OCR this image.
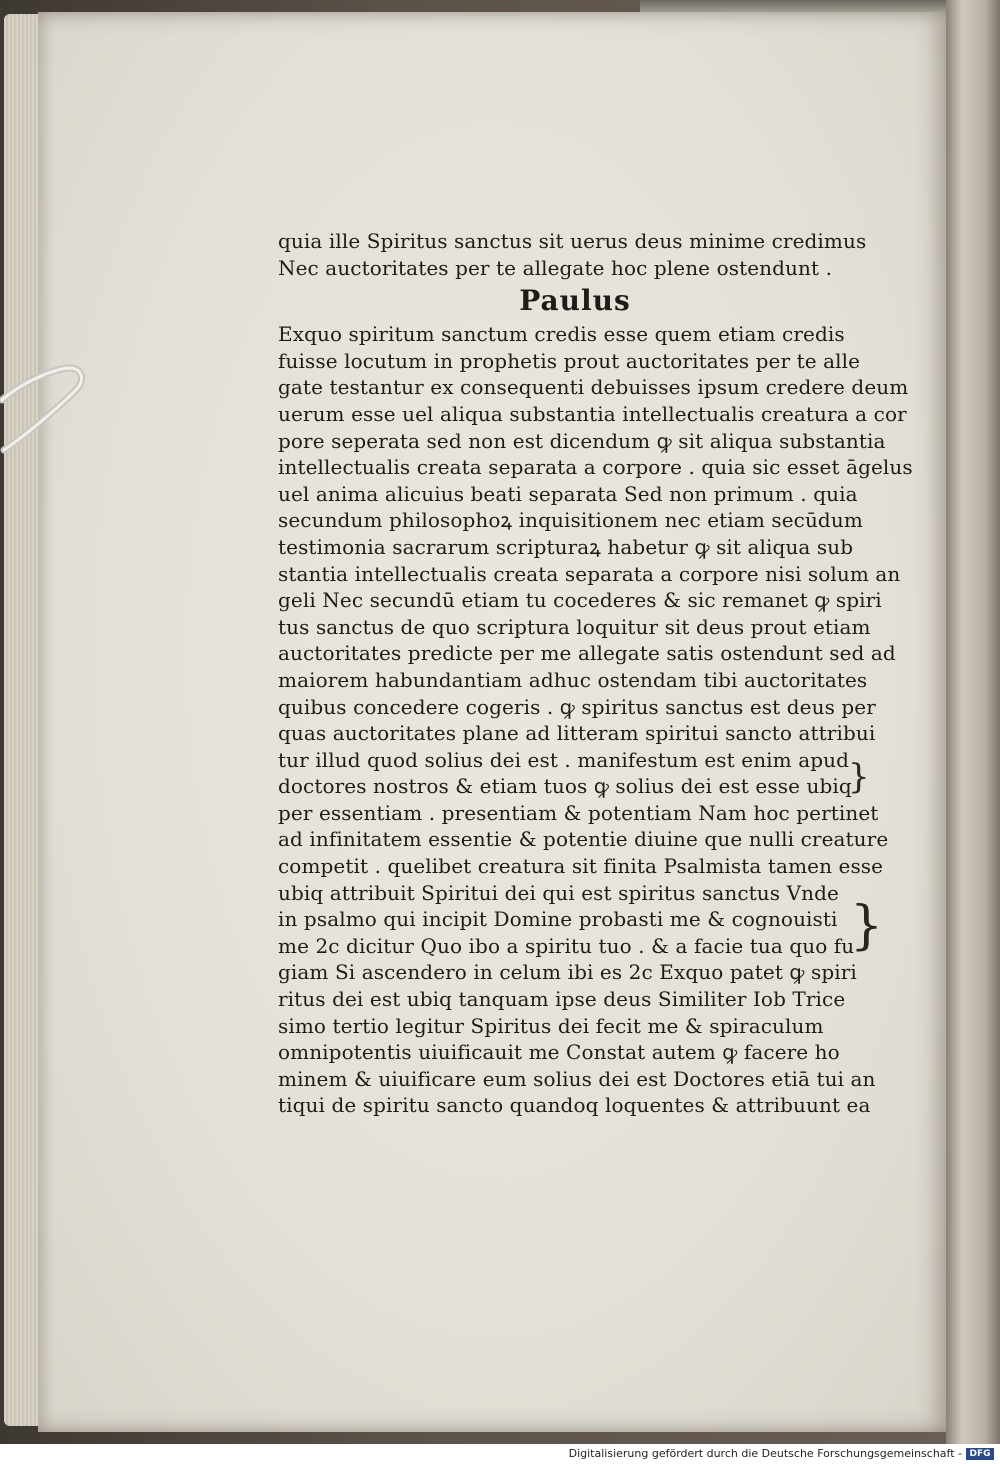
quia ille Spiritus sanctus sit uerus deus minime credimus
Nec auctoritates per te allegate hoc plene ostendunt .
Paulus
Exquo spiritum sanctum credis esse quem etiam credis
fuisse locutum in prophetis prout auctoritates per te alle
gate testantur ex consequenti debuisses ipsum credere deum
uerum esse uel aliqua substantia intellectualis creatura a cor
pore seperata sed non est dicendum ꝙ sit aliqua substantia
intellectualis creata separata a corpore . quia sic esset āgelus
uel anima alicuius beati separata Sed non primum . quia
secundum philosophoꝝ inquisitionem nec etiam secūdum
testimonia sacrarum scripturaꝝ habetur ꝙ sit aliqua sub
stantia intellectualis creata separata a corpore nisi solum an
geli Nec secundū etiam tu cocederes & sic remanet ꝙ spiri
tus sanctus de quo scriptura loquitur sit deus prout etiam
auctoritates predicte per me allegate satis ostendunt sed ad
maiorem habundantiam adhuc ostendam tibi auctoritates
quibus concedere cogeris . ꝙ spiritus sanctus est deus per
quas auctoritates plane ad litteram spiritui sancto attribui
tur illud quod solius dei est . manifestum est enim apud
doctores nostros & etiam tuos ꝙ solius dei est esse ubiq
per essentiam . presentiam & potentiam Nam hoc pertinet
ad infinitatem essentie & potentie diuine que nulli creature
competit . quelibet creatura sit finita Psalmista tamen esse
ubiq attribuit Spiritui dei qui est spiritus sanctus Vnde
in psalmo qui incipit Domine probasti me & cognouisti
me 2c dicitur Quo ibo a spiritu tuo . & a facie tua quo fu
giam Si ascendero in celum ibi es 2c Exquo patet ꝙ spiri
ritus dei est ubiq tanquam ipse deus Similiter Iob Trice
simo tertio legitur Spiritus dei fecit me & spiraculum
omnipotentis uiuificauit me Constat autem ꝙ facere ho
minem & uiuificare eum solius dei est Doctores etiā tui an
tiqui de spiritu sancto quandoq loquentes & attribuunt ea
}
}
Digitalisierung gefördert durch die Deutsche Forschungsgemeinschaft - DFG
